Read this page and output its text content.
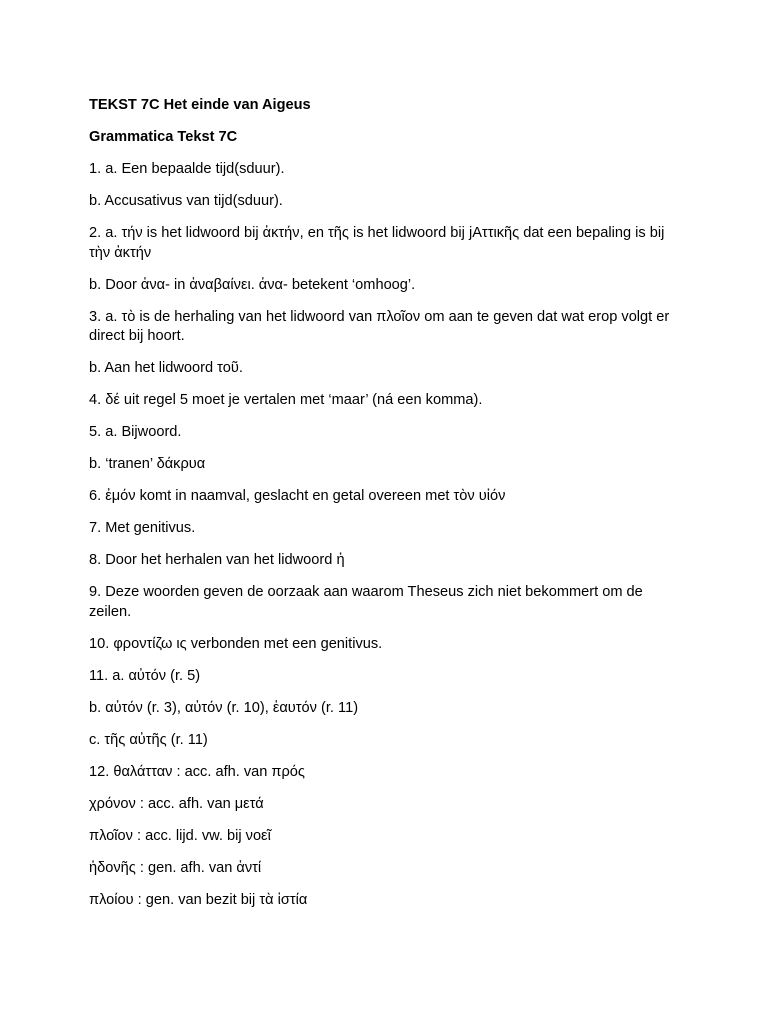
TEKST 7C Het einde van Aigeus

Grammatica Tekst 7C

1. a. Een bepaalde tijd(sduur).

b. Accusativus van tijd(sduur).

2. a. τήν is het lidwoord bij ἀκτήν, en τῆς is het lidwoord bij jΑττικῆς dat een bepaling is bij τὴν ἀκτήν

b. Door ἀνα- in ἀναβαίνει. ἀνα- betekent ‘omhoog’.

3. a. τὸ is de herhaling van het lidwoord van πλοῖον om aan te geven dat wat erop volgt er direct bij hoort.

b. Aan het lidwoord τοῦ.

4. δέ uit regel 5 moet je vertalen met ‘maar’ (ná een komma).

5. a. Bijwoord.

b. ‘tranen’ δάκρυα

6. ἐμόν komt in naamval, geslacht en getal overeen met τὸν υἱόν

7. Met genitivus.

8. Door het herhalen van het lidwoord ἡ

9. Deze woorden geven de oorzaak aan waarom Theseus zich niet bekommert om de zeilen.

10. φροντίζω ις verbonden met een genitivus.

11. a. αὐτόν (r. 5)

b. αὐτόν (r. 3), αὐτόν (r. 10), ἑαυτόν (r. 11)

c. τῆς αὐτῆς (r. 11)

12. θαλάτταν : acc. afh. van πρός

χρόνον : acc. afh. van μετά

πλοῖον : acc. lijd. vw. bij νοεῖ

ἡδονῆς : gen. afh. van ἀντί

πλοίου : gen. van bezit bij τὰ ἱστία
